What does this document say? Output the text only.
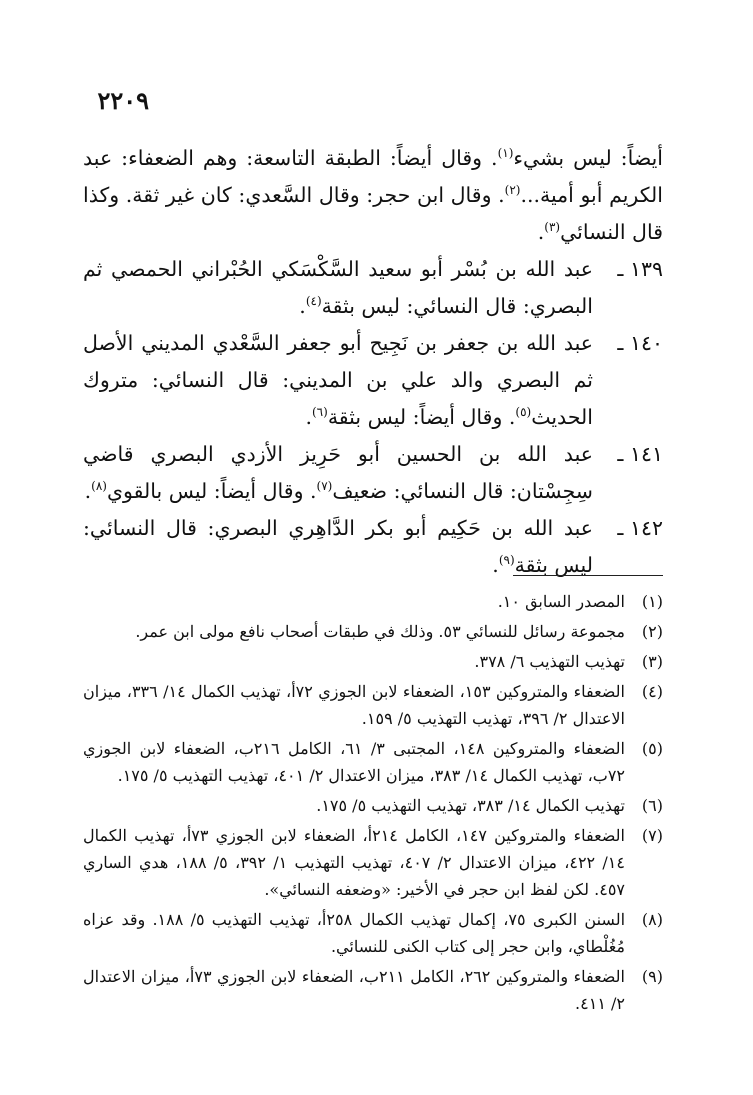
٢٢٠٩

أيضاً: ليس بشيء$^{(١)}$. وقال أيضاً: الطبقة التاسعة: وهم الضعفاء: عبد الكريم أبو أمية...$^{(٢)}$. وقال ابن حجر: وقال السَّعدي: كان غير ثقة. وكذا قال النسائي$^{(٣)}$.

١٣٩ ـ
عبد الله بن بُسْر أبو سعيد السَّكْسَكي الحُبْراني الحمصي ثم البصري: قال النسائي: ليس بثقة$^{(٤)}$.
١٤٠ ـ
عبد الله بن جعفر بن نَجِيح أبو جعفر السَّعْدي المديني الأصل ثم البصري والد علي بن المديني: قال النسائي: متروك الحديث$^{(٥)}$. وقال أيضاً: ليس بثقة$^{(٦)}$.
١٤١ ـ
عبد الله بن الحسين أبو حَرِيز الأزدي البصري قاضي سِجِسْتان: قال النسائي: ضعيف$^{(٧)}$. وقال أيضاً: ليس بالقوي$^{(٨)}$.
١٤٢ ـ
عبد الله بن حَكِيم أبو بكر الدَّاهِري البصري: قال النسائي: ليس بثقة$^{(٩)}$.
(١)
المصدر السابق ١٠.
(٢)
مجموعة رسائل للنسائي ٥٣. وذلك في طبقات أصحاب نافع مولى ابن عمر.
(٣)
تهذيب التهذيب ٦/ ٣٧٨.
(٤)
الضعفاء والمتروكين ١٥٣، الضعفاء لابن الجوزي ٧٢أ، تهذيب الكمال ١٤/ ٣٣٦، ميزان الاعتدال ٢/ ٣٩٦، تهذيب التهذيب ٥/ ١٥٩.
(٥)
الضعفاء والمتروكين ١٤٨، المجتبى ٣/ ٦١، الكامل ٢١٦ب، الضعفاء لابن الجوزي ٧٢ب، تهذيب الكمال ١٤/ ٣٨٣، ميزان الاعتدال ٢/ ٤٠١، تهذيب التهذيب ٥/ ١٧٥.
(٦)
تهذيب الكمال ١٤/ ٣٨٣، تهذيب التهذيب ٥/ ١٧٥.
(٧)
الضعفاء والمتروكين ١٤٧، الكامل ٢١٤أ، الضعفاء لابن الجوزي ٧٣أ، تهذيب الكمال ١٤/ ٤٢٢، ميزان الاعتدال ٢/ ٤٠٧، تهذيب التهذيب ١/ ٣٩٢، ٥/ ١٨٨، هدي الساري ٤٥٧. لكن لفظ ابن حجر في الأخير: «وضعفه النسائي».
(٨)
السنن الكبرى ٧٥، إكمال تهذيب الكمال ٢٥٨أ، تهذيب التهذيب ٥/ ١٨٨. وقد عزاه مُغُلْطاي، وابن حجر إلى كتاب الكنى للنسائي.
(٩)
الضعفاء والمتروكين ٢٦٢، الكامل ٢١١ب، الضعفاء لابن الجوزي ٧٣أ، ميزان الاعتدال ٢/ ٤١١.
